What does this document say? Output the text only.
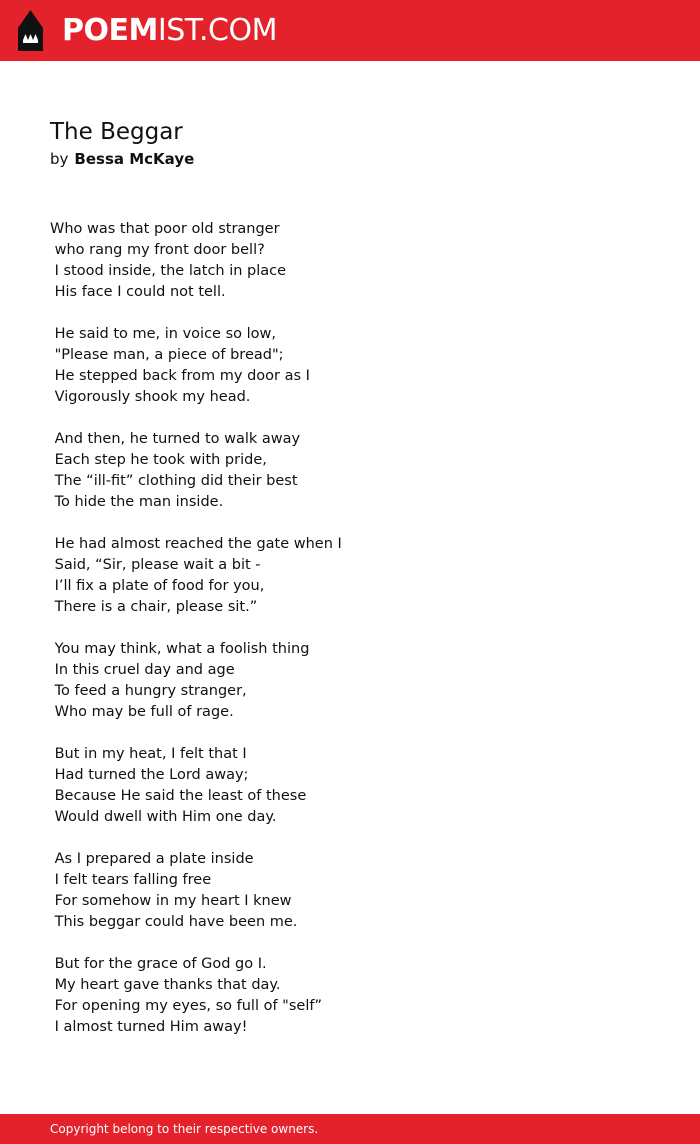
POEMIST.COM
The Beggar
by Bessa McKaye
Who was that poor old stranger
who rang my front door bell?
I stood inside, the latch in place
His face I could not tell.
He said to me, in voice so low,
"Please man, a piece of bread";
He stepped back from my door as I
Vigorously shook my head.
And then, he turned to walk away
Each step he took with pride,
The “ill-fit” clothing did their best
To hide the man inside.
He had almost reached the gate when I
Said, “Sir, please wait a bit -
I’ll fix a plate of food for you,
There is a chair, please sit.”
You may think, what a foolish thing
In this cruel day and age
To feed a hungry stranger,
Who may be full of rage.
But in my heat, I felt that I
Had turned the Lord away;
Because He said the least of these
Would dwell with Him one day.
As I prepared a plate inside
I felt tears falling free
For somehow in my heart I knew
This beggar could have been me.
But for the grace of God go I.
My heart gave thanks that day.
For opening my eyes, so full of "self”
I almost turned Him away!
Copyright belong to their respective owners.
